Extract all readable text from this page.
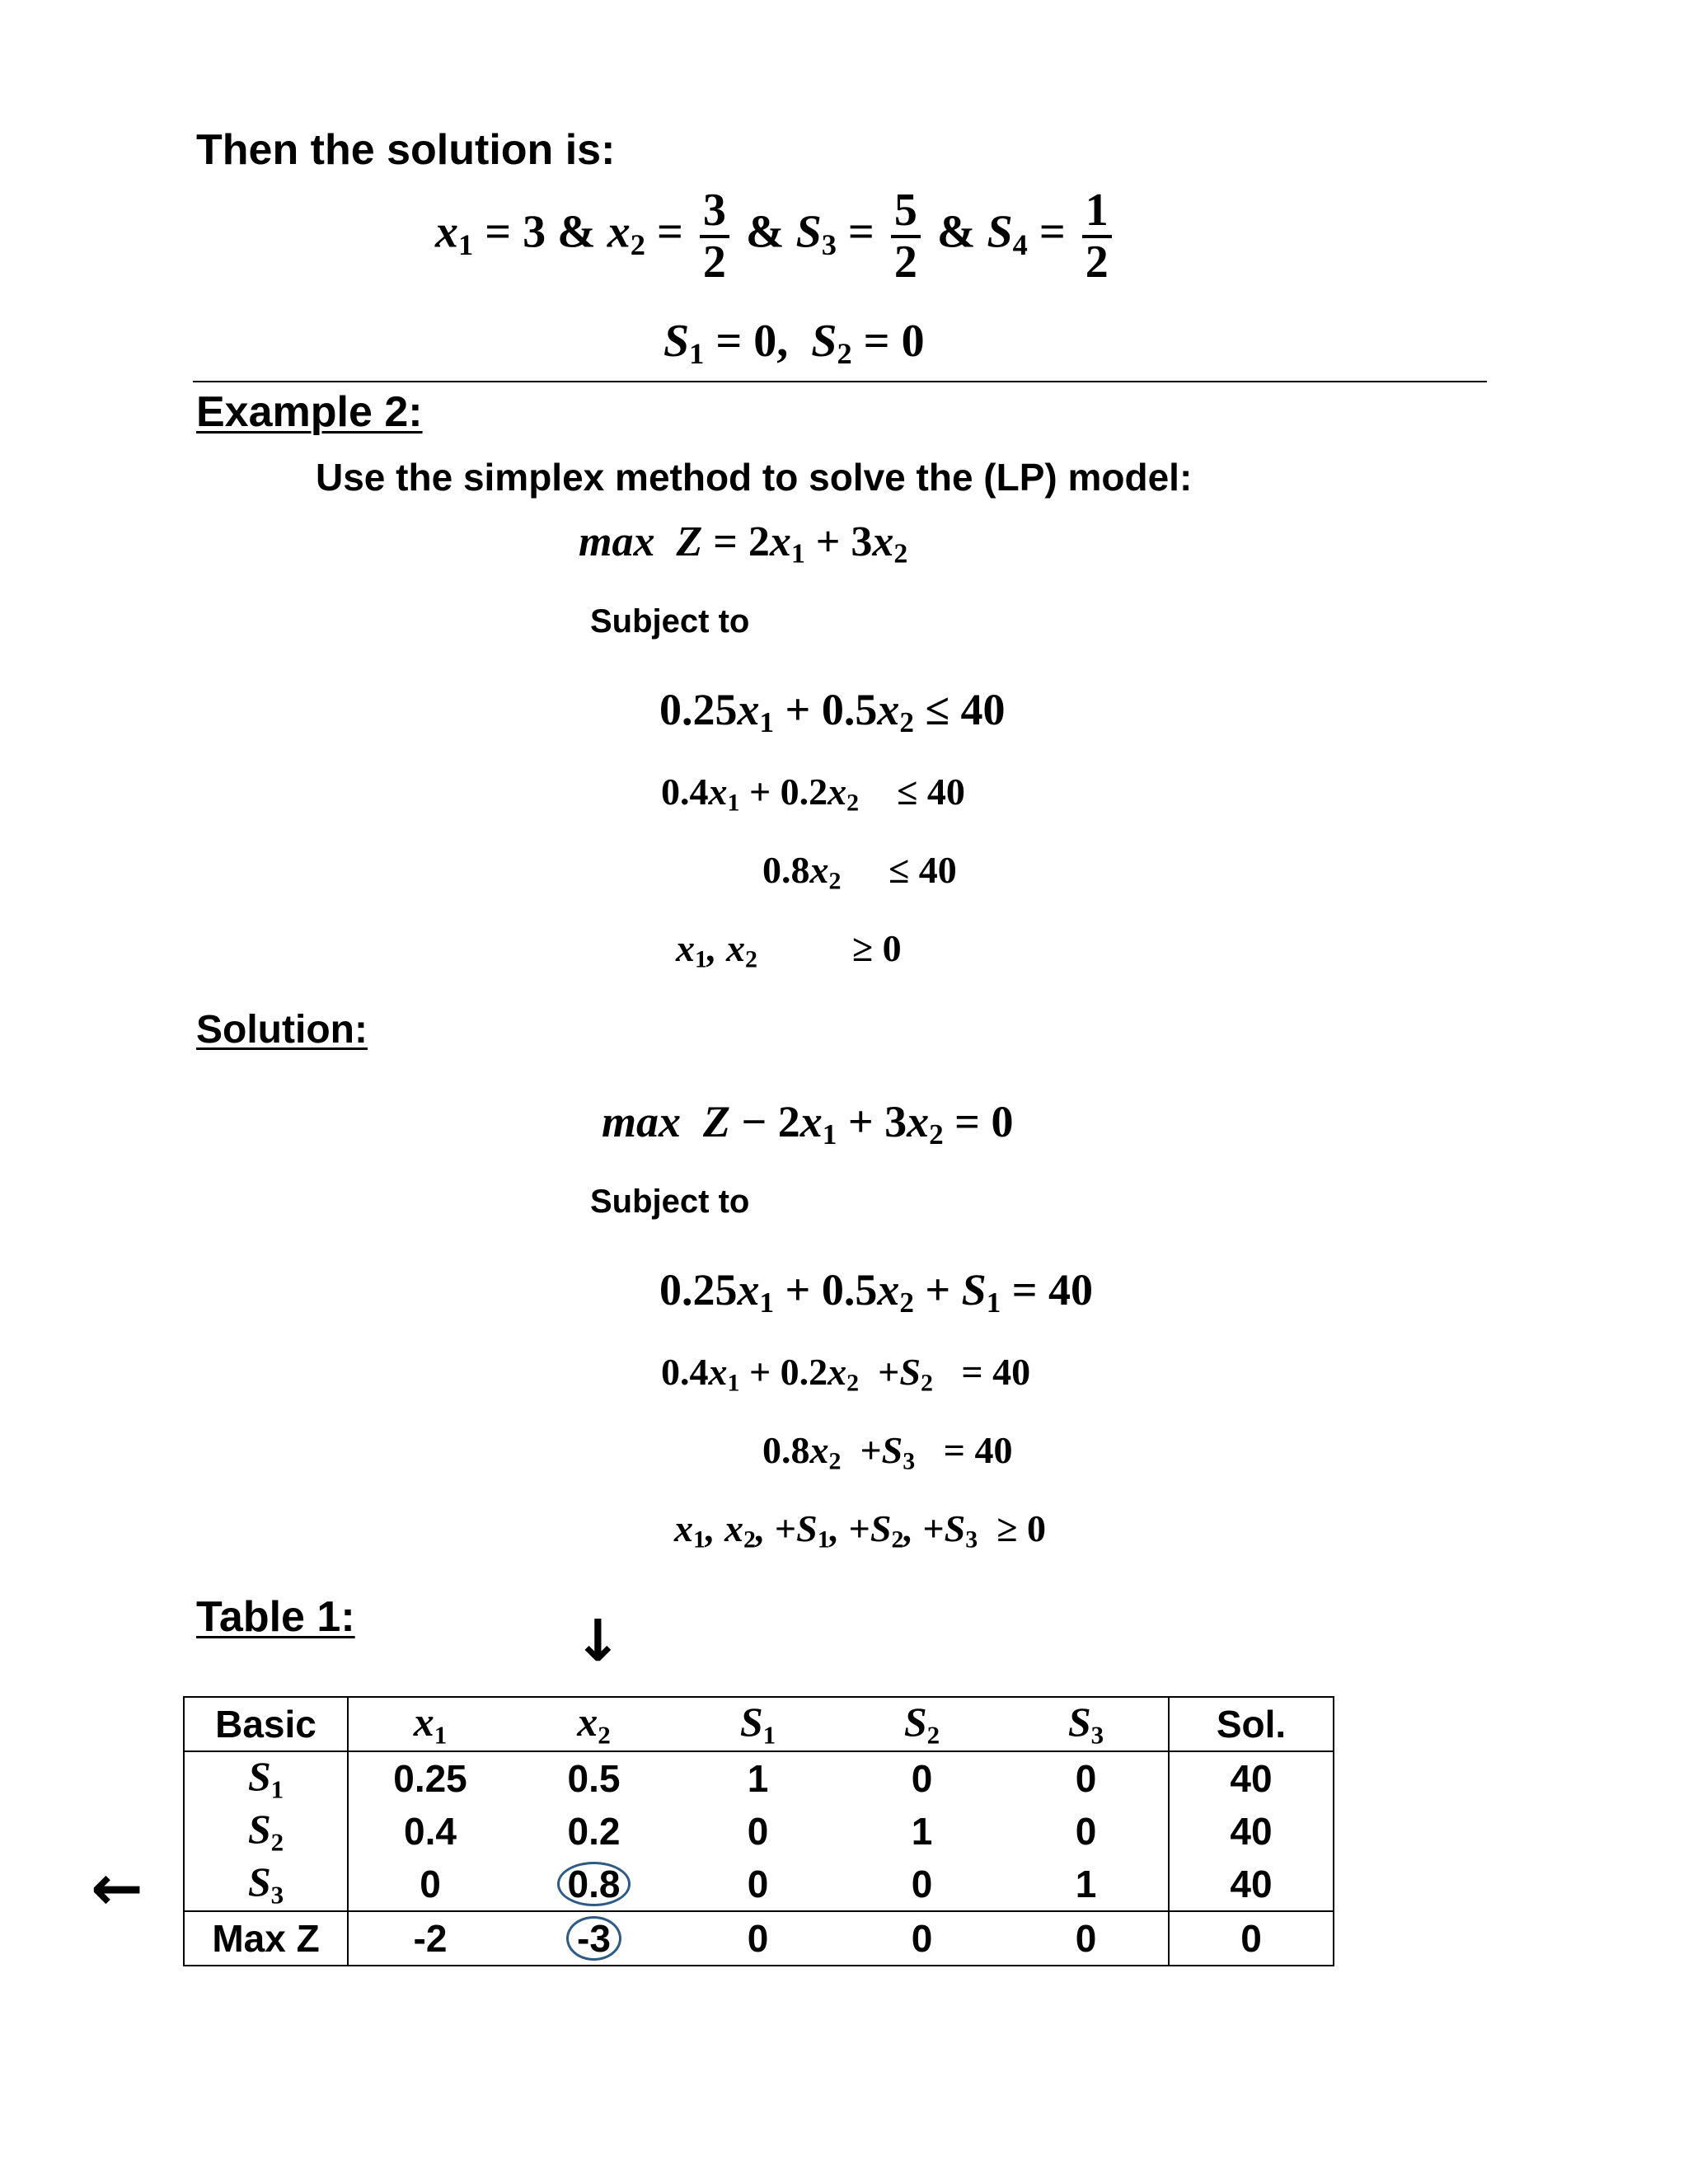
Then the solution is:
$x_1 = 3$ & $x_2 = \frac{3}{2}$ & $S_3 = \frac{5}{2}$ & $S_4 = \frac{1}{2}$
$S_1 = 0$,  $S_2 = 0$
Example 2:
Use the simplex method to solve the (LP) model:
$\max Z = 2x_1 + 3x_2$
Subject to
$0.25x_1 + 0.5x_2 \le 40$
$0.4x_1 + 0.2x_2 \le 40$
$0.8x_2 \le 40$
$x_1$, $x_2$	≥ 0
Solution:
$\max Z - 2x_1 + 3x_2 = 0$
Subject to
$0.25x_1 + 0.5x_2 + S_1 = 40$
$0.4x_1 + 0.2x_2 +S_2 = 40$
$0.8x_2 +S_3 = 40$
$x_1$, $x_2$, $+S_1$, $+S_2$, $+S_3 \ge 0$
Table 1:	↓
←
Basic	$x_1$	$x_2$	$S_1$	$S_2$	$S_3$	Sol.
$S_1$	0.25	0.5	1	0	0	40
$S_2$	0.4	0.2	0	1	0	40
$S_3$	0	0.8	0	0	1	40
Max Z	-2	-3	0	0	0	0
